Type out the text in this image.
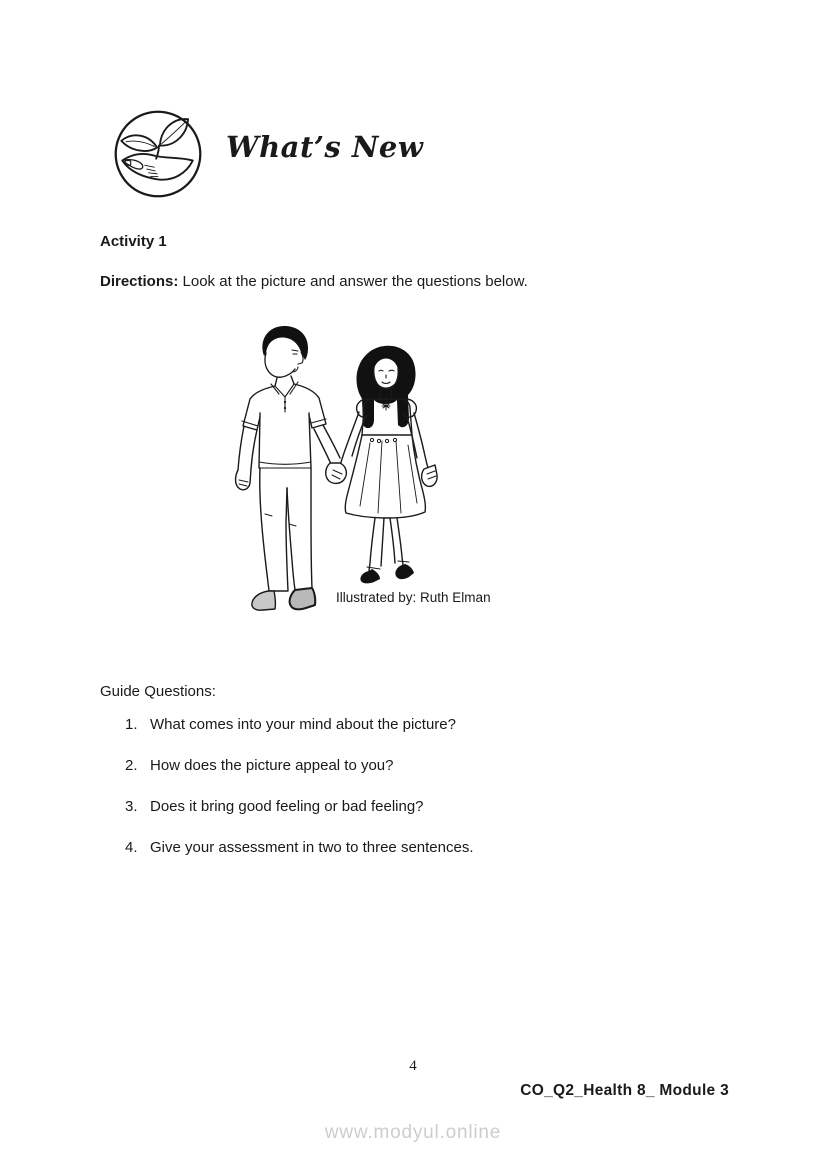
What’s New
Activity 1
Directions: Look at the picture and answer the questions below.
Illustrated by: Ruth Elman
Guide Questions:
1. What comes into your mind about the picture?
2. How does the picture appeal to you?
3. Does it bring good feeling or bad feeling?
4. Give your assessment in two to three sentences.
4
CO_Q2_Health 8_ Module 3
www.modyul.online
